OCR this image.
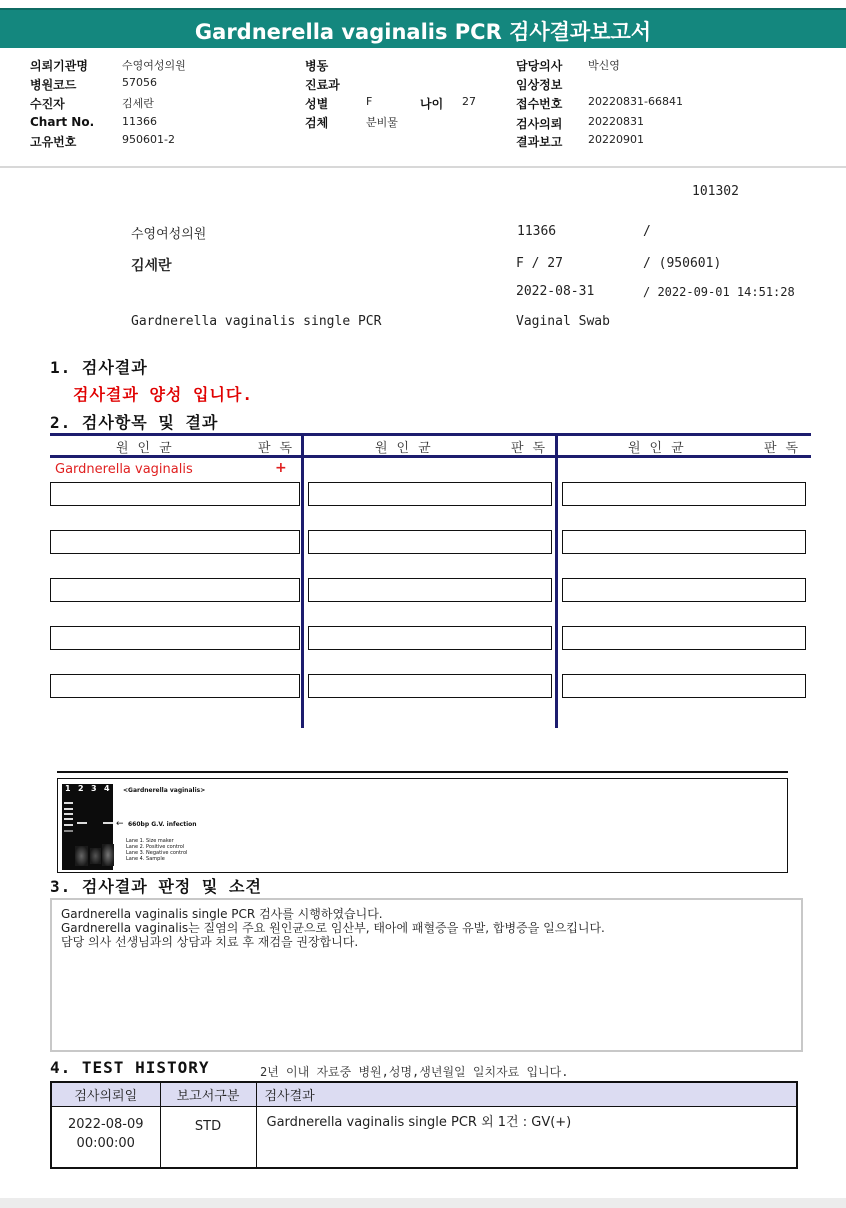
Gardnerella vaginalis PCR 검사결과보고서
의뢰기관명	수영여성의원
병원코드	57056
수진자	김세란
Chart No.	11366
고유번호	950601-2
병동
진료과
성별	F	나이 27
검체	분비물
담당의사 박신영
임상정보
접수번호 20220831-66841
검사의뢰 20220831
결과보고 20220901
101302
수영여성의원	11366	/
김세란	F / 27	/ (950601)
2022-08-31	/ 2022-09-01 14:51:28
Gardnerella vaginalis single PCR	Vaginal Swab
1. 검사결과
검사결과 양성 입니다.
2. 검사항목 및 결과
원인균	판독	원인균	판독	원인균	판독
Gardnerella vaginalis	+
1 2 3 4 <Gardnerella vaginalis>
← 660bp G.V. infection
Lane 1. Size maker
Lane 2. Positive control
Lane 3. Negative control
Lane 4. Sample
3. 검사결과 판정 및 소견

Gardnerella vaginalis single PCR 검사를 시행하였습니다.

Gardnerella vaginalis는 질염의 주요 원인균으로 임산부, 태아에 패혈증을 유발, 합병증을 일으킵니다.

담당 의사 선생님과의 상담과 치료 후 재검을 권장합니다.

4. TEST HISTORY	2년 이내 자료중 병원,성명,생년월일 일치자료 입니다.
검사의뢰일	보고서구분	검사결과

2022-08-09
00:00:00	STD	Gardnerella vaginalis single PCR 외 1건 : GV(+)
